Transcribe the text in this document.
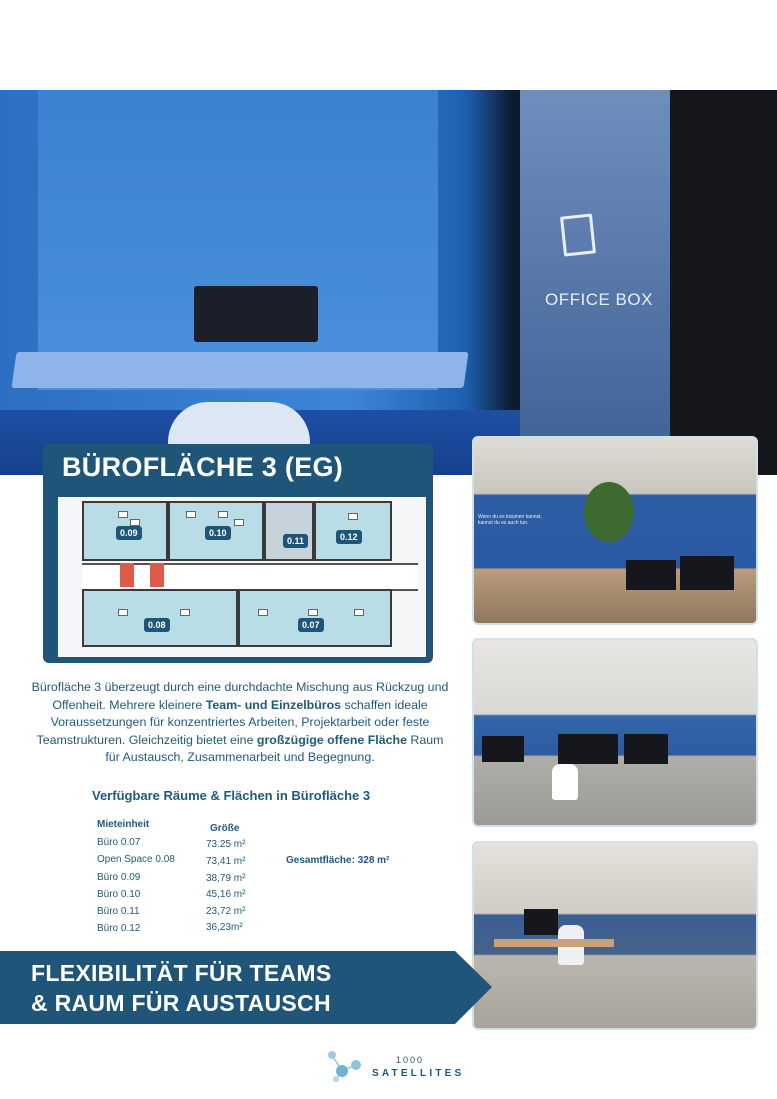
OFFICE BOX
BÜROFLÄCHE 3 (EG)
0.09	0.10
0.11	0.12
0.08	0.07
Bürofläche 3 überzeugt durch eine durchdachte Mischung aus Rückzug und Offenheit. Mehrere kleinere Team- und Einzelbüros schaffen ideale Voraussetzungen für konzentriertes Arbeiten, Projektarbeit oder feste Teamstrukturen. Gleichzeitig bietet eine großzügige offene Fläche Raum für Austausch, Zusammenarbeit und Begegnung.
Verfügbare Räume & Flächen in Bürofläche 3
Mieteinheit	Größe
Büro 0.07	73.25 m²
Open Space 0.08	73,41 m²
Büro 0.09	38,79 m²
Büro 0.10	45,16 m²
Büro 0.11	23,72 m²
Büro 0.12	36,23m²
Gesamtfläche: 328 m²
Wenn du es träumen kannst, kannst du es auch tun.
FLEXIBILITÄT FÜR TEAMS
& RAUM FÜR AUSTAUSCH
1000
SATELLITES
